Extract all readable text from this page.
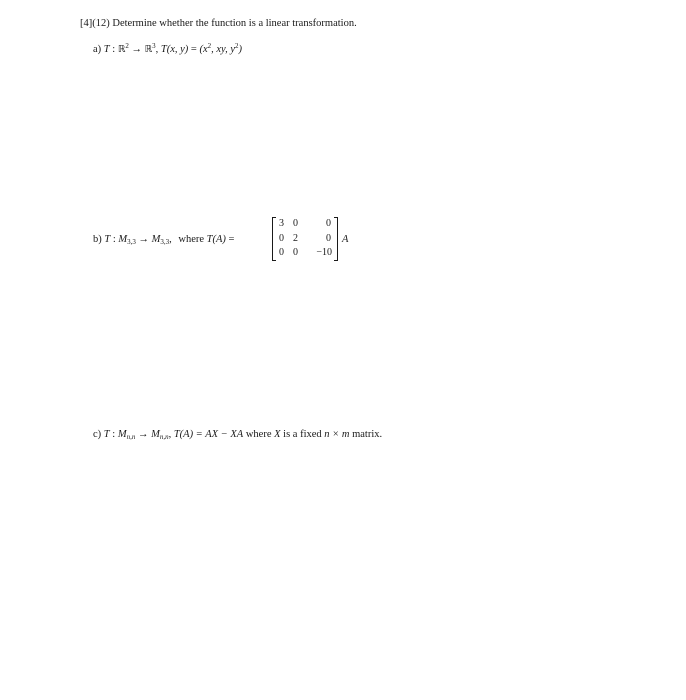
[4](12) Determine whether the function is a linear transformation.
a) T : ℝ$^2$ → ℝ$^3$, T(x, $y) = (x^2$, xy, $y^2$)
b) T : $M_{3,3} \to M_{3,3}$, where T(A) =
3 0	0
0 2	0
0 0 −10
A
c) T : Mn,n → Mn,n, T(A) = AX − XA where X is a fixed n × m matrix.
